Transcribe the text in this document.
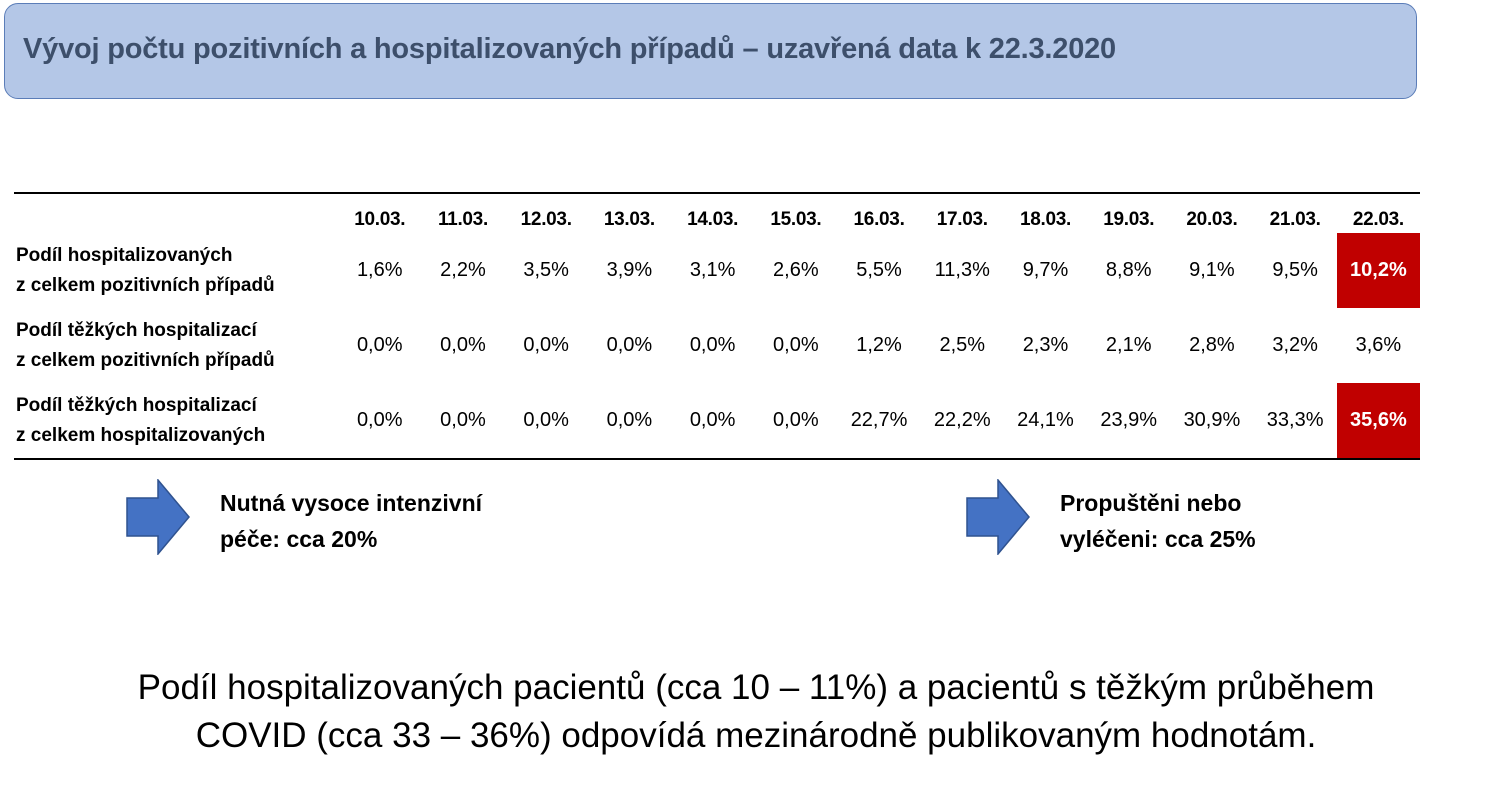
Vývoj počtu pozitivních a hospitalizovaných případů – uzavřená data k 22.3.2020
	10.03.	11.03.	12.03.	13.03.	14.03.	15.03.	16.03.	17.03.	18.03.	19.03.	20.03.	21.03.	22.03.
Podíl hospitalizovaných
z celkem pozitivních případů	1,6%	2,2%	3,5%	3,9%	3,1%	2,6%	5,5%	11,3%	9,7%	8,8%	9,1%	9,5%	10,2%
Podíl těžkých hospitalizací
z celkem pozitivních případů	0,0%	0,0%	0,0%	0,0%	0,0%	0,0%	1,2%	2,5%	2,3%	2,1%	2,8%	3,2%	3,6%
Podíl těžkých hospitalizací
z celkem hospitalizovaných	0,0%	0,0%	0,0%	0,0%	0,0%	0,0%	22,7%	22,2%	24,1%	23,9%	30,9%	33,3%	35,6%
Nutná vysoce intenzivní
péče: cca 20%
Propuštěni nebo
vyléčeni: cca 25%
Podíl hospitalizovaných pacientů (cca 10 – 11%) a pacientů s těžkým průběhem
COVID (cca 33 – 36%) odpovídá mezinárodně publikovaným hodnotám.
